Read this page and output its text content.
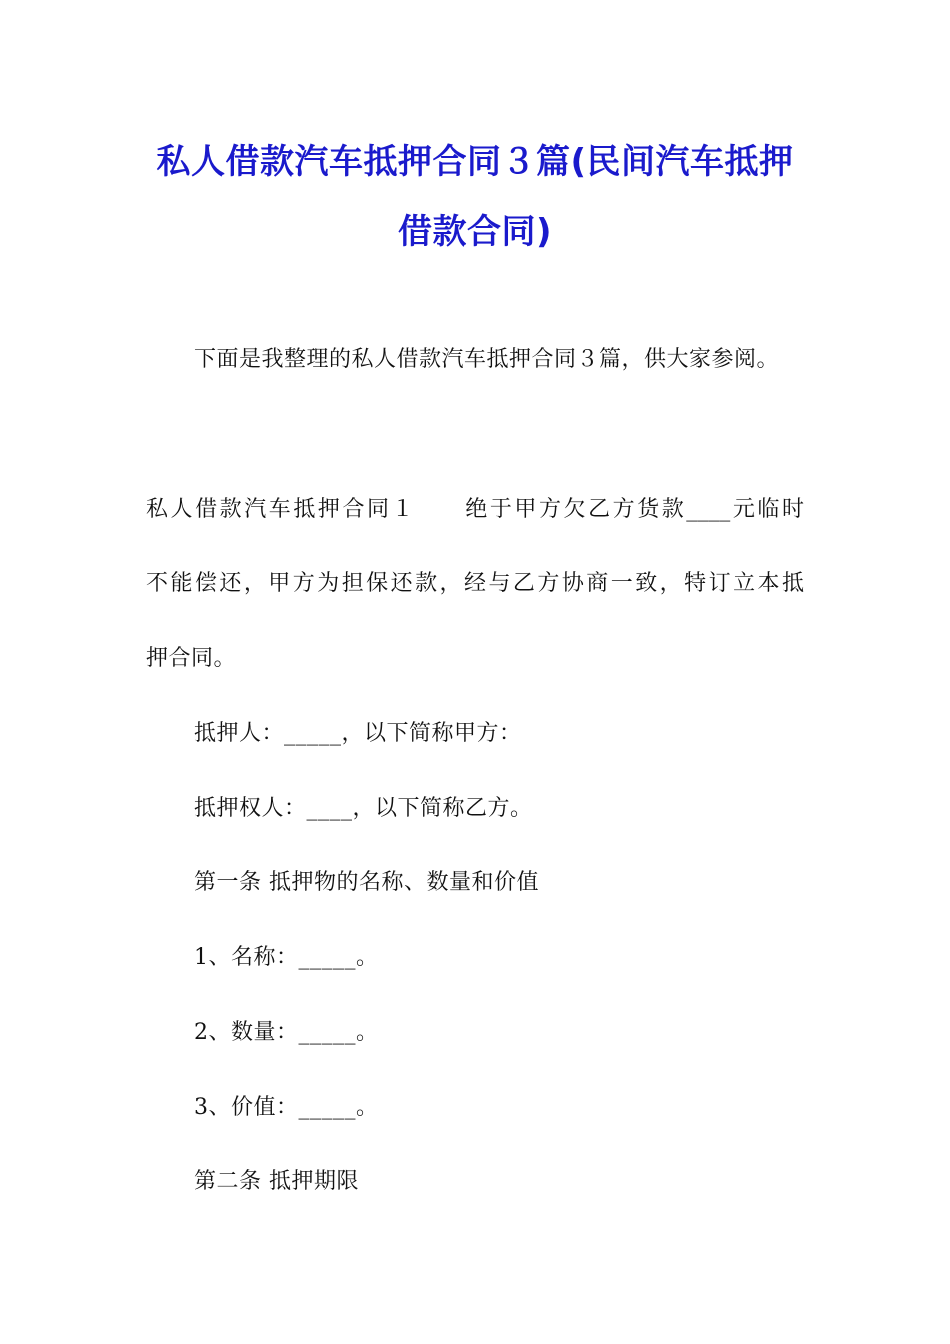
私人借款汽车抵押合同３篇(民间汽车抵押
借款合同)
下面是我整理的私人借款汽车抵押合同３篇，供大家参阅。
私人借款汽车抵押合同１　　绝于甲方欠乙方货款____元临时
不能偿还，甲方为担保还款，经与乙方协商一致，特订立本抵
押合同。
抵押人：_____，以下简称甲方：
抵押权人：____，以下简称乙方。
第一条 抵押物的名称、数量和价值
1、名称：_____。
2、数量：_____。
3、价值：_____。
第二条 抵押期限
